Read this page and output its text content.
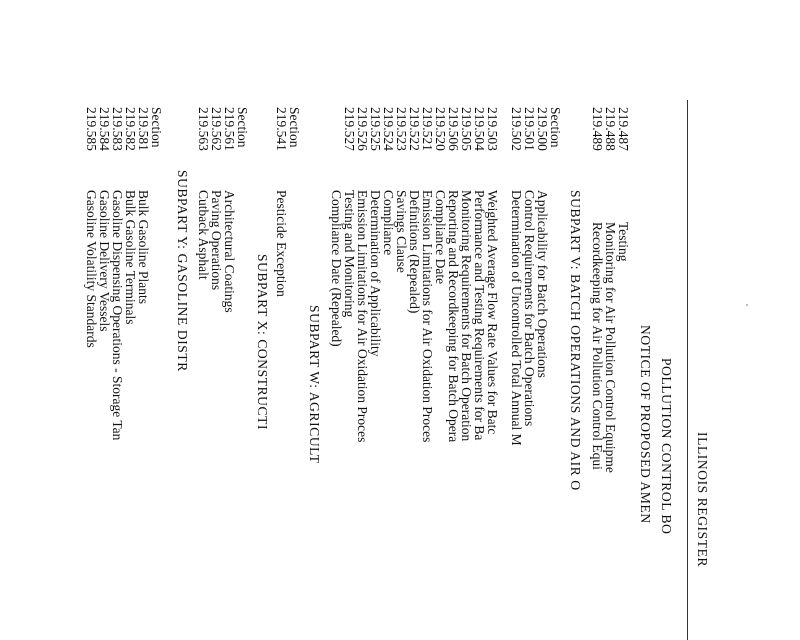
ILLINOIS REGISTER
POLLUTION CONTROL BO
NOTICE OF PROPOSED AMEN
219.487
Testing
219.488
Monitoring for Air Pollution Control Equipme
219.489
Recordkeeping for Air Pollution Control Equi
SUBPART V: BATCH OPERATIONS AND AIR O
Section
219.500
Applicability for Batch Operations
219.501
Control Requirements for Batch Operations
219.502
Determination of Uncontrolled Total Annual M
219.503
Weighted Average Flow Rate Values for Batc
219.504
Performance and Testing Requirements for Ba
219.505
Monitoring Requirements for Batch Operation
219.506
Reporting and Recordkeeping for Batch Opera
219.520
Compliance Date
219.521
Emission Limitations for Air Oxidation Proces
219.522
Definitions (Repealed)
219.523
Savings Clause
219.524
Compliance
219.525
Determination of Applicability
219.526
Emission Limitations for Air Oxidation Proces
219.527
Testing and Monitoring
Compliance Date (Repealed)
SUBPART W: AGRICULT
Section
219.541
Pesticide Exception
SUBPART X: CONSTRUCTI
Section
219.561
Architectural Coatings
219.562
Paving Operations
219.563
Cutback Asphalt
SUBPART Y: GASOLINE DISTR
Section
219.581
Bulk Gasoline Plants
219.582
Bulk Gasoline Terminals
219.583
Gasoline Dispensing Operations - Storage Tan
219.584
Gasoline Delivery Vessels
219.585
Gasoline Volatility Standards
